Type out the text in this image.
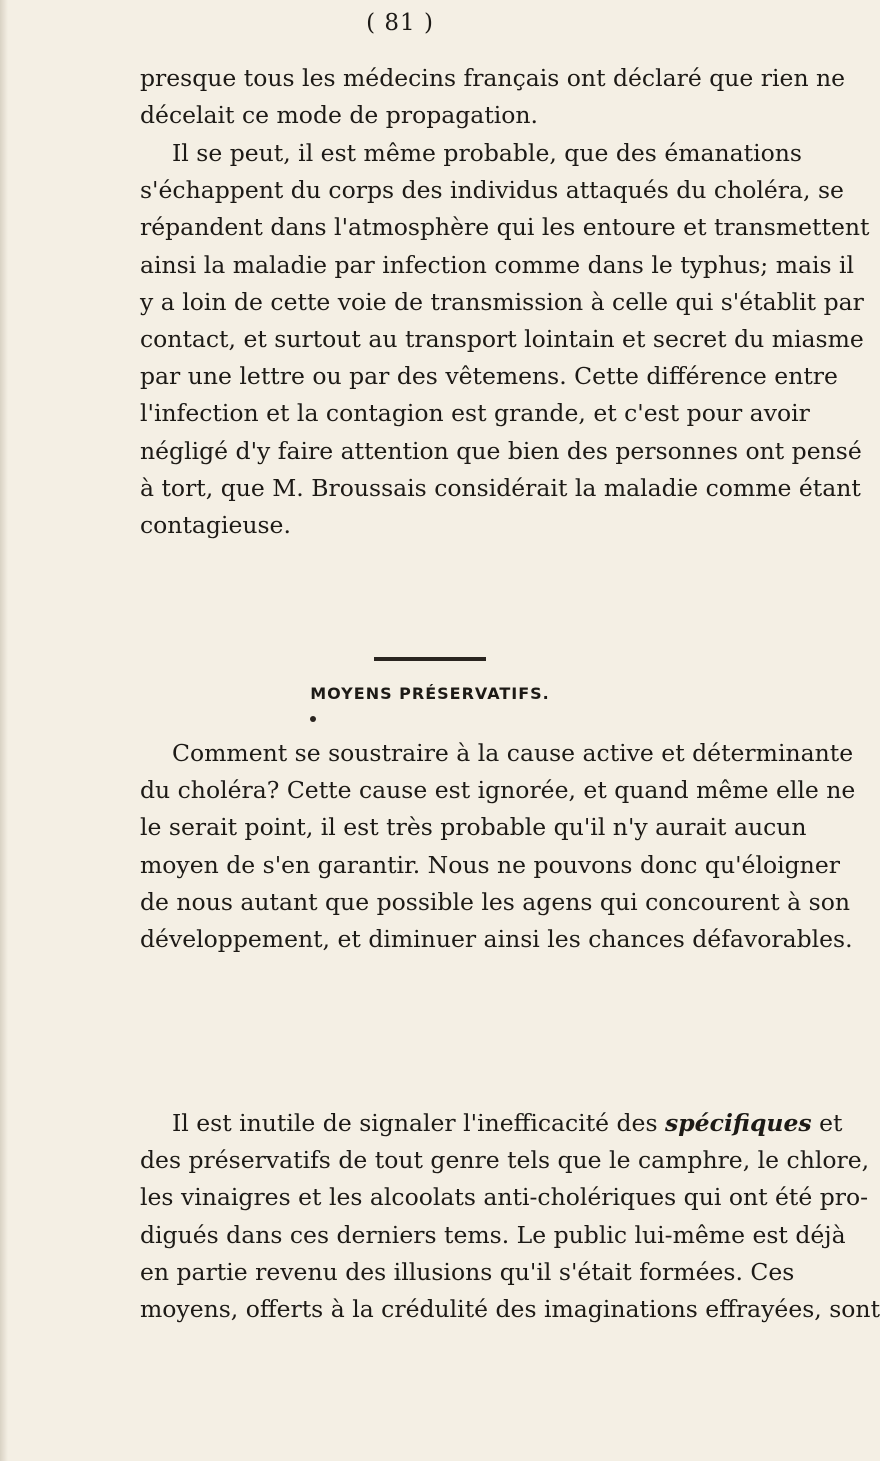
( 81 )
presque tous les médecins français ont déclaré que rien ne
décelait ce mode de propagation.
Il se peut, il est même probable, que des émanations
s'échappent du corps des individus attaqués du choléra, se
répandent dans l'atmosphère qui les entoure et transmettent
ainsi la maladie par infection comme dans le typhus; mais il
y a loin de cette voie de transmission à celle qui s'établit par
contact, et surtout au transport lointain et secret du miasme
par une lettre ou par des vêtemens. Cette différence entre
l'infection et la contagion est grande, et c'est pour avoir
négligé d'y faire attention que bien des personnes ont pensé
à tort, que M. Broussais considérait la maladie comme étant
contagieuse.
MOYENS PRÉSERVATIFS.
Comment se soustraire à la cause active et déterminante
du choléra? Cette cause est ignorée, et quand même elle ne
le serait point, il est très probable qu'il n'y aurait aucun
moyen de s'en garantir. Nous ne pouvons donc qu'éloigner
de nous autant que possible les agens qui concourent à son
développement, et diminuer ainsi les chances défavorables.
Il est inutile de signaler l'inefficacité des spécifiques et
des préservatifs de tout genre tels que le camphre, le chlore,
les vinaigres et les alcoolats anti-cholériques qui ont été pro-
digués dans ces derniers tems. Le public lui-même est déjà
en partie revenu des illusions qu'il s'était formées. Ces
moyens, offerts à la crédulité des imaginations effrayées, sont
